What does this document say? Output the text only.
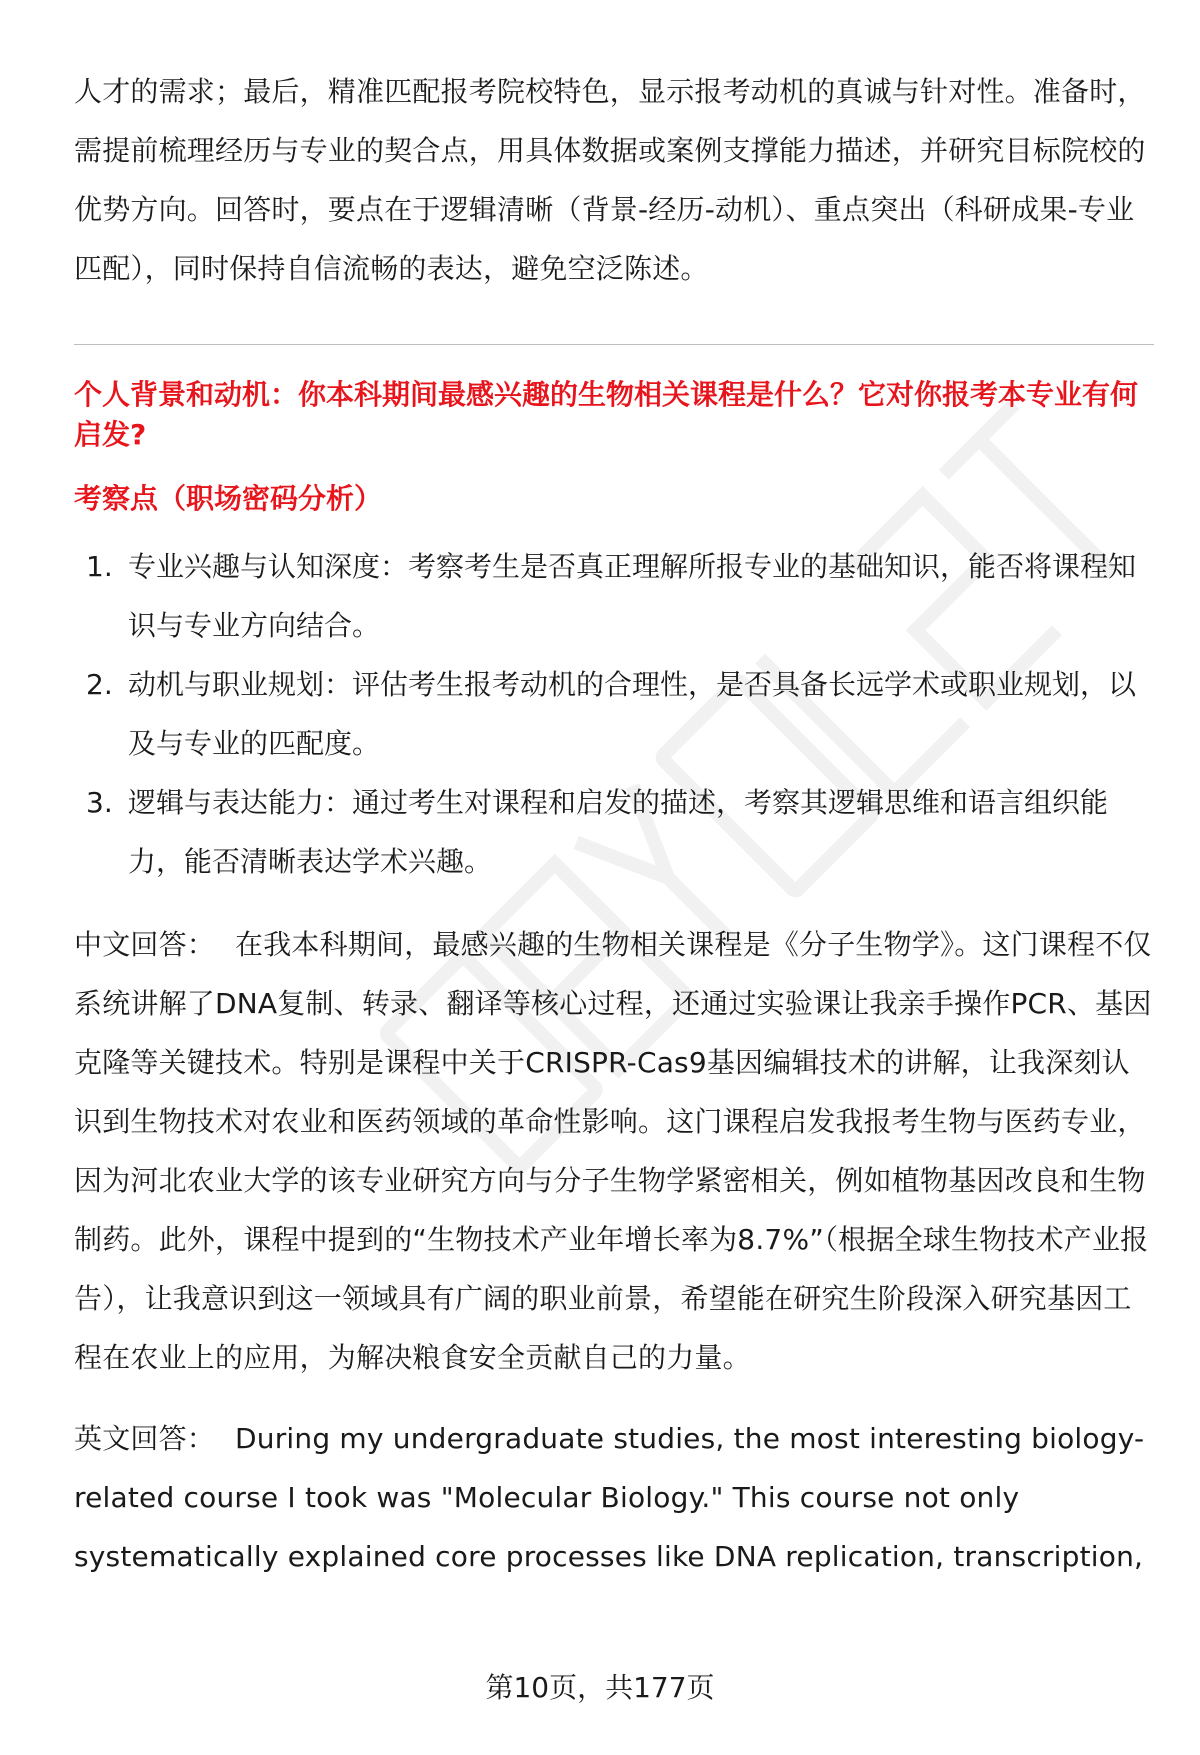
人才的需求；最后，精准匹配报考院校特色，显示报考动机的真诚与针对性。准备时，需提前梳理经历与专业的契合点，用具体数据或案例支撑能力描述，并研究目标院校的优势方向。回答时，要点在于逻辑清晰（背景-经历-动机）、重点突出（科研成果-专业匹配），同时保持自信流畅的表达，避免空泛陈述。

个人背景和动机：你本科期间最感兴趣的生物相关课程是什么？它对你报考本专业有何启发?

考察点（职场密码分析）

1. 专业兴趣与认知深度：考察考生是否真正理解所报专业的基础知识，能否将课程知识与专业方向结合。
2. 动机与职业规划：评估考生报考动机的合理性，是否具备长远学术或职业规划，以及与专业的匹配度。
3. 逻辑与表达能力：通过考生对课程和启发的描述，考察其逻辑思维和语言组织能力，能否清晰表达学术兴趣。

中文回答： 在我本科期间，最感兴趣的生物相关课程是《分子生物学》。这门课程不仅系统讲解了DNA复制、转录、翻译等核心过程，还通过实验课让我亲手操作PCR、基因克隆等关键技术。特别是课程中关于CRISPR-Cas9基因编辑技术的讲解，让我深刻认识到生物技术对农业和医药领域的革命性影响。这门课程启发我报考生物与医药专业，因为河北农业大学的该专业研究方向与分子生物学紧密相关，例如植物基因改良和生物制药。此外，课程中提到的“生物技术产业年增长率为8.7%”（根据全球生物技术产业报告），让我意识到这一领域具有广阔的职业前景，希望能在研究生阶段深入研究基因工程在农业上的应用，为解决粮食安全贡献自己的力量。

英文回答： During my undergraduate studies, the most interesting biology-related course I took was "Molecular Biology." This course not only systematically explained core processes like DNA replication, transcription,

第10页，共177页
